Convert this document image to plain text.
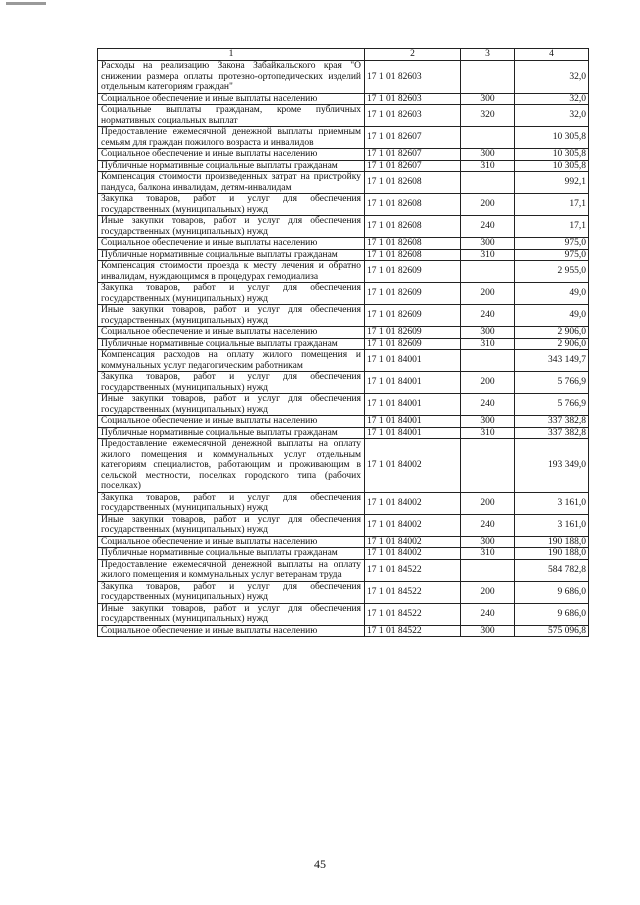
1	2	3	4
Расходы на реализацию Закона Забайкальского края "О снижении размера оплаты протезно-ортопедических изделий отдельным категориям граждан"	17 1 01 82603		32,0
Социальное обеспечение и иные выплаты населению	17 1 01 82603	300	32,0
Социальные выплаты гражданам, кроме публичных нормативных социальных выплат	17 1 01 82603	320	32,0
Предоставление ежемесячной денежной выплаты приемным семьям для граждан пожилого возраста и инвалидов	17 1 01 82607		10 305,8
Социальное обеспечение и иные выплаты населению	17 1 01 82607	300	10 305,8
Публичные нормативные социальные выплаты гражданам	17 1 01 82607	310	10 305,8
Компенсация стоимости произведенных затрат на пристройку пандуса, балкона инвалидам, детям-инвалидам	17 1 01 82608		992,1
Закупка товаров, работ и услуг для обеспечения государственных (муниципальных) нужд	17 1 01 82608	200	17,1
Иные закупки товаров, работ и услуг для обеспечения государственных (муниципальных) нужд	17 1 01 82608	240	17,1
Социальное обеспечение и иные выплаты населению	17 1 01 82608	300	975,0
Публичные нормативные социальные выплаты гражданам	17 1 01 82608	310	975,0
Компенсация стоимости проезда к месту лечения и обратно инвалидам, нуждающимся в процедурах гемодиализа	17 1 01 82609		2 955,0
Закупка товаров, работ и услуг для обеспечения государственных (муниципальных) нужд	17 1 01 82609	200	49,0
Иные закупки товаров, работ и услуг для обеспечения государственных (муниципальных) нужд	17 1 01 82609	240	49,0
Социальное обеспечение и иные выплаты населению	17 1 01 82609	300	2 906,0
Публичные нормативные социальные выплаты гражданам	17 1 01 82609	310	2 906,0
Компенсация расходов на оплату жилого помещения и коммунальных услуг педагогическим работникам	17 1 01 84001		343 149,7
Закупка товаров, работ и услуг для обеспечения государственных (муниципальных) нужд	17 1 01 84001	200	5 766,9
Иные закупки товаров, работ и услуг для обеспечения государственных (муниципальных) нужд	17 1 01 84001	240	5 766,9
Социальное обеспечение и иные выплаты населению	17 1 01 84001	300	337 382,8
Публичные нормативные социальные выплаты гражданам	17 1 01 84001	310	337 382,8
Предоставление ежемесячной денежной выплаты на оплату жилого помещения и коммунальных услуг отдельным категориям специалистов, работающим и проживающим в сельской местности, поселках городского типа (рабочих поселках)	17 1 01 84002		193 349,0
Закупка товаров, работ и услуг для обеспечения государственных (муниципальных) нужд	17 1 01 84002	200	3 161,0
Иные закупки товаров, работ и услуг для обеспечения государственных (муниципальных) нужд	17 1 01 84002	240	3 161,0
Социальное обеспечение и иные выплаты населению	17 1 01 84002	300	190 188,0
Публичные нормативные социальные выплаты гражданам	17 1 01 84002	310	190 188,0
Предоставление ежемесячной денежной выплаты на оплату жилого помещения и коммунальных услуг ветеранам труда	17 1 01 84522		584 782,8
Закупка товаров, работ и услуг для обеспечения государственных (муниципальных) нужд	17 1 01 84522	200	9 686,0
Иные закупки товаров, работ и услуг для обеспечения государственных (муниципальных) нужд	17 1 01 84522	240	9 686,0
Социальное обеспечение и иные выплаты населению	17 1 01 84522	300	575 096,8
45
